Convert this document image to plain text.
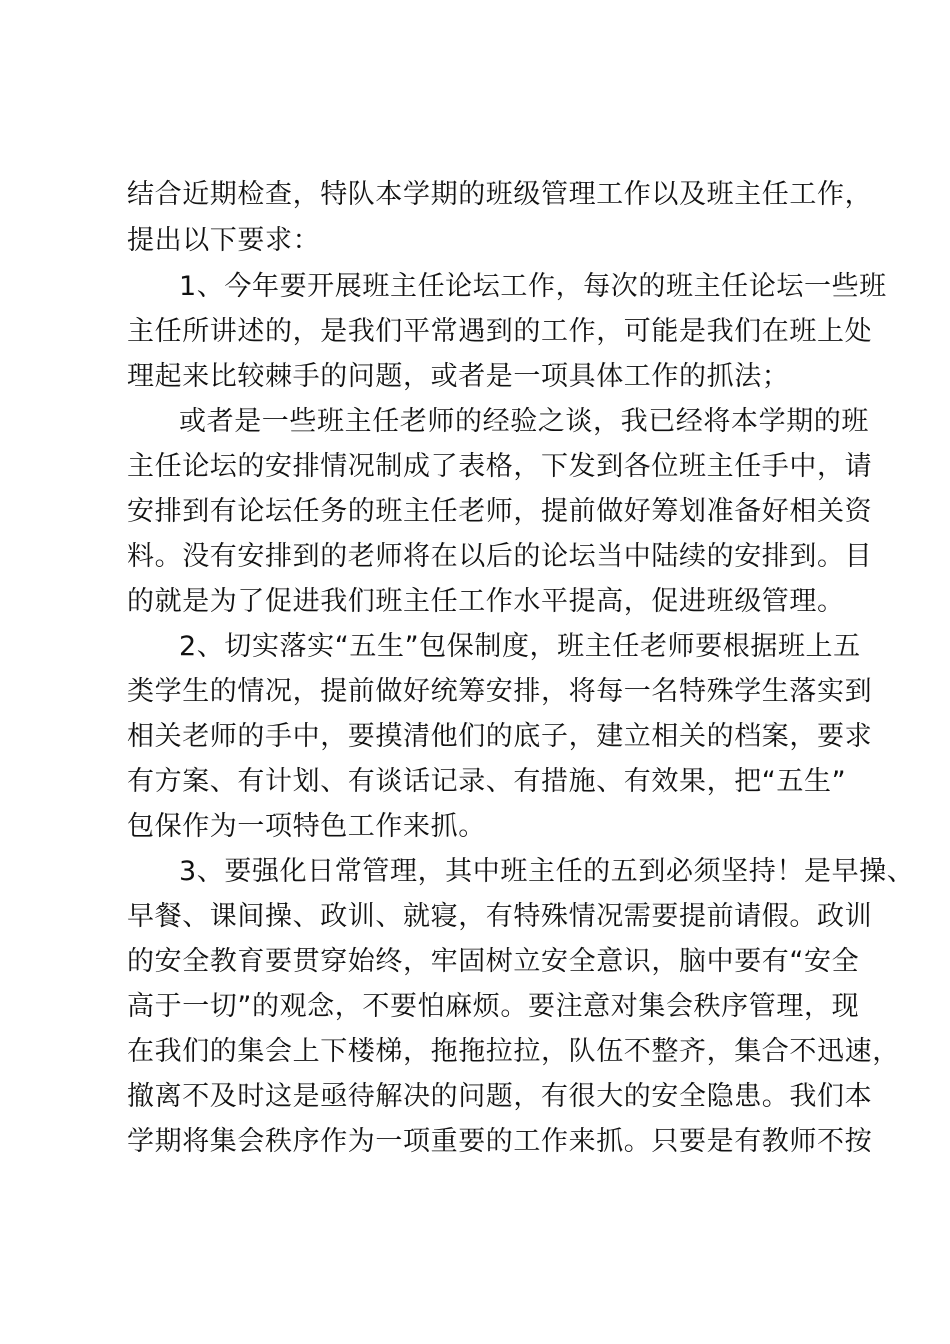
结合近期检查，特队本学期的班级管理工作以及班主任工作，
提出以下要求：
1、今年要开展班主任论坛工作，每次的班主任论坛一些班
主任所讲述的，是我们平常遇到的工作，可能是我们在班上处
理起来比较棘手的问题，或者是一项具体工作的抓法；
或者是一些班主任老师的经验之谈，我已经将本学期的班
主任论坛的安排情况制成了表格，下发到各位班主任手中，请
安排到有论坛任务的班主任老师，提前做好筹划准备好相关资
料。没有安排到的老师将在以后的论坛当中陆续的安排到。目
的就是为了促进我们班主任工作水平提高，促进班级管理。
2、切实落实“五生”包保制度，班主任老师要根据班上五
类学生的情况，提前做好统筹安排，将每一名特殊学生落实到
相关老师的手中，要摸清他们的底子，建立相关的档案，要求
有方案、有计划、有谈话记录、有措施、有效果，把“五生”
包保作为一项特色工作来抓。
3、要强化日常管理，其中班主任的五到必须坚持！是早操、
早餐、课间操、政训、就寝，有特殊情况需要提前请假。政训
的安全教育要贯穿始终，牢固树立安全意识，脑中要有“安全
高于一切”的观念，不要怕麻烦。要注意对集会秩序管理，现
在我们的集会上下楼梯，拖拖拉拉，队伍不整齐，集合不迅速，
撤离不及时这是亟待解决的问题，有很大的安全隐患。我们本
学期将集会秩序作为一项重要的工作来抓。只要是有教师不按
